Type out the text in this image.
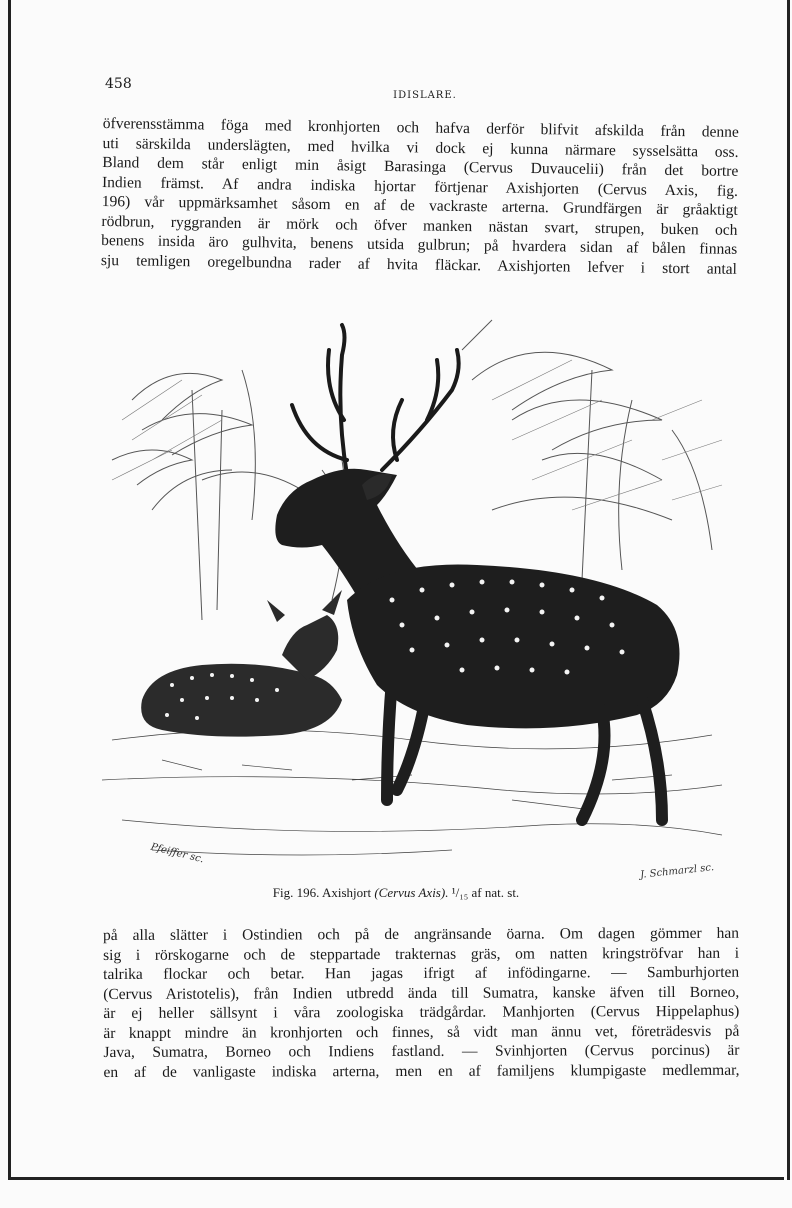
458
IDISLARE.
öfverensstämma föga med kronhjorten och hafva derför blifvit afskilda från denne
uti särskilda underslägten, med hvilka vi dock ej kunna närmare sysselsätta oss.
Bland dem står enligt min åsigt Barasinga (Cervus Duvaucelii) från det bortre
Indien främst. Af andra indiska hjortar förtjenar Axishjorten (Cervus Axis, fig.
196) vår uppmärksamhet såsom en af de vackraste arterna. Grundfärgen är gråaktigt
rödbrun, ryggranden är mörk och öfver manken nästan svart, strupen, buken och
benens insida äro gulhvita, benens utsida gulbrun; på hvardera sidan af bålen finnas
sju temligen oregelbundna rader af hvita fläckar. Axishjorten lefver i stort antal
Pfeiffer sc.
J. Schmarzl sc.
Fig. 196. Axishjort (Cervus Axis). ¹/₁₅ af nat. st.
på alla slätter i Ostindien och på de angränsande öarna. Om dagen gömmer han
sig i rörskogarne och de steppartade trakternas gräs, om natten kringströfvar han i
talrika flockar och betar. Han jagas ifrigt af infödingarne. — Samburhjorten
(Cervus Aristotelis), från Indien utbredd ända till Sumatra, kanske äfven till Borneo,
är ej heller sällsynt i våra zoologiska trädgårdar. Manhjorten (Cervus Hippelaphus)
är knappt mindre än kronhjorten och finnes, så vidt man ännu vet, företrädesvis på
Java, Sumatra, Borneo och Indiens fastland. — Svinhjorten (Cervus porcinus) är
en af de vanligaste indiska arterna, men en af familjens klumpigaste medlemmar,
